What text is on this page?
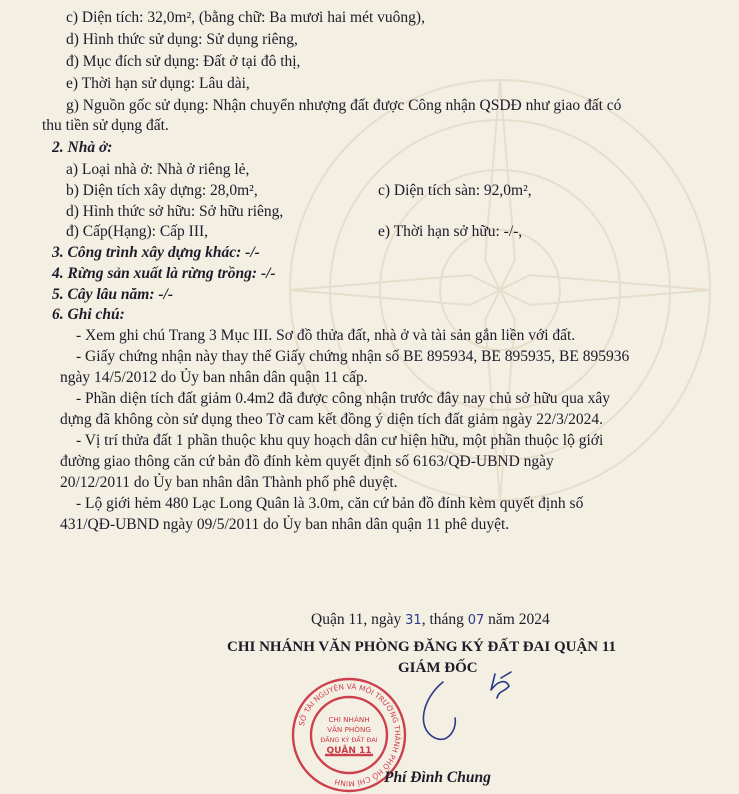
c) Diện tích: 32,0m², (bằng chữ: Ba mươi hai mét vuông),
d) Hình thức sử dụng: Sử dụng riêng,
đ) Mục đích sử dụng: Đất ở tại đô thị,
e) Thời hạn sử dụng: Lâu dài,
g) Nguồn gốc sử dụng: Nhận chuyển nhượng đất được Công nhận QSDĐ như giao đất có
thu tiền sử dụng đất.
2. Nhà ở:
a) Loại nhà ở: Nhà ở riêng lẻ,
b) Diện tích xây dựng: 28,0m²,	c) Diện tích sàn: 92,0m²,
d) Hình thức sở hữu: Sở hữu riêng,
đ) Cấp(Hạng): Cấp III,	e) Thời hạn sở hữu: -/-,
3. Công trình xây dựng khác: -/-
4. Rừng sản xuất là rừng trồng: -/-
5. Cây lâu năm: -/-
6. Ghi chú:
- Xem ghi chú Trang 3 Mục III. Sơ đồ thửa đất, nhà ở và tài sản gắn liền với đất.
- Giấy chứng nhận này thay thế Giấy chứng nhận số BE 895934, BE 895935, BE 895936
ngày 14/5/2012 do Ủy ban nhân dân quận 11 cấp.
- Phần diện tích đất giảm 0.4m2 đã được công nhận trước đây nay chủ sở hữu qua xây
dựng đã không còn sử dụng theo Tờ cam kết đồng ý diện tích đất giảm ngày 22/3/2024.
- Vị trí thửa đất 1 phần thuộc khu quy hoạch dân cư hiện hữu, một phần thuộc lộ giới
đường giao thông căn cứ bản đồ đính kèm quyết định số 6163/QĐ-UBND ngày
20/12/2011 do Ủy ban nhân dân Thành phố phê duyệt.
- Lộ giới hẻm 480 Lạc Long Quân là 3.0m, căn cứ bản đồ đính kèm quyết định số
431/QĐ-UBND ngày 09/5/2011 do Ủy ban nhân dân quận 11 phê duyệt.
Quận 11, ngày 31, tháng 07 năm 2024
CHI NHÁNH VĂN PHÒNG ĐĂNG KÝ ĐẤT ĐAI QUẬN 11
GIÁM ĐỐC
SỞ TÀI NGUYÊN VÀ MÔI TRƯỜNG THÀNH PHỐ HỒ CHÍ MINH
CHI NHÁNH
VĂN PHÒNG
ĐĂNG KÝ ĐẤT ĐAI
QUẬN 11
Phí Đình Chung
